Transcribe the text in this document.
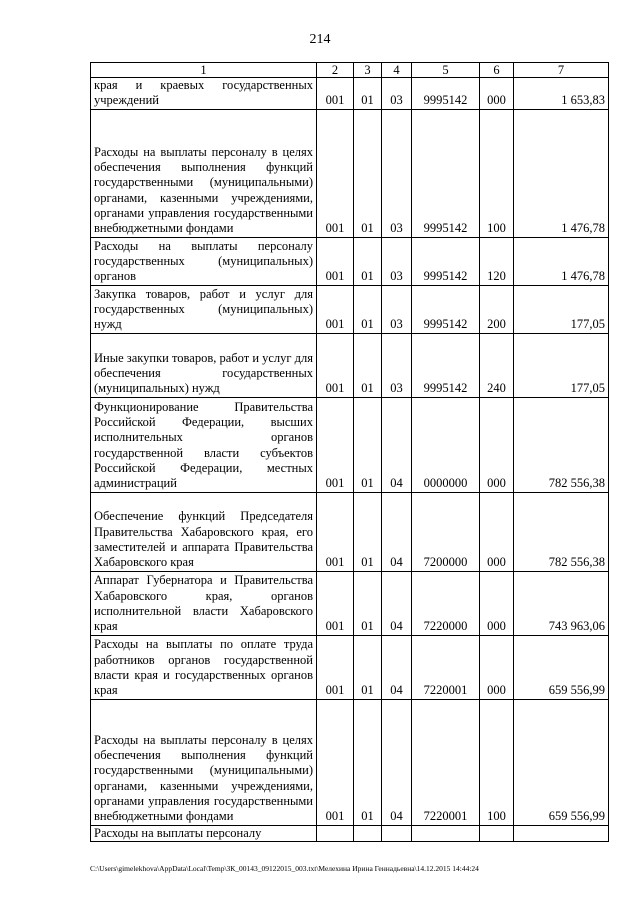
214
1	2	3	4	5	6	7
края и краевых государственных учреждений	001	01	03	9995142	000	1 653,83
Расходы на выплаты персоналу в целях обеспечения выполнения функций государственными (муниципальными) органами, казенными учреждениями, органами управления государственными внебюджетными фондами	001	01	03	9995142	100	1 476,78
Расходы на выплаты персоналу государственных (муниципальных) органов	001	01	03	9995142	120	1 476,78
Закупка товаров, работ и услуг для государственных (муниципальных) нужд	001	01	03	9995142	200	177,05
Иные закупки товаров, работ и услуг для обеспечения государственных (муниципальных) нужд	001	01	03	9995142	240	177,05
Функционирование Правительства Российской Федерации, высших исполнительных органов государственной власти субъектов Российской Федерации, местных администраций	001	01	04	0000000	000	782 556,38
Обеспечение функций Председателя Правительства Хабаровского края, его заместителей и аппарата Правительства Хабаровского края	001	01	04	7200000	000	782 556,38
Аппарат Губернатора и Правительства Хабаровского края, органов исполнительной власти Хабаровского края	001	01	04	7220000	000	743 963,06
Расходы на выплаты по оплате труда работников органов государственной власти края и государственных органов края	001	01	04	7220001	000	659 556,99
Расходы на выплаты персоналу в целях обеспечения выполнения функций государственными (муниципальными) органами, казенными учреждениями, органами управления государственными внебюджетными фондами	001	01	04	7220001	100	659 556,99
Расходы на выплаты персоналу						
C:\Users\gimelekhova\AppData\Local\Temp\ЗК_00143_09122015_003.txt\Мелехина Ирина Геннадьевна\14.12.2015 14:44:24
